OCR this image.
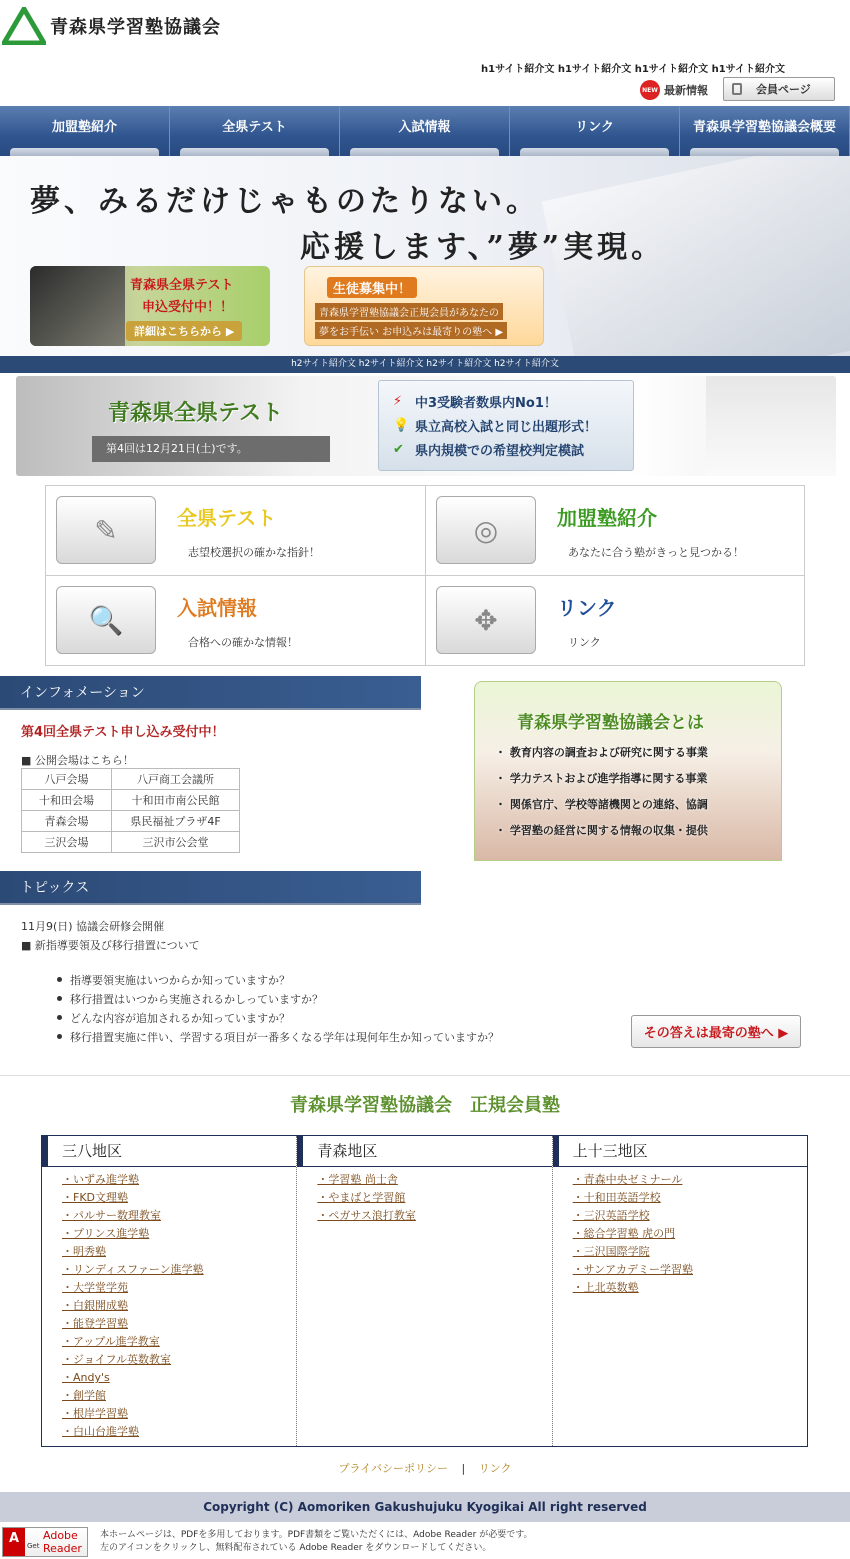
青森県学習塾協議会
h1サイト紹介文 h1サイト紹介文 h1サイト紹介文 h1サイト紹介文
NEW 最新情報	会員ページ
加盟塾紹介	全県テスト	入試情報	リンク	青森県学習塾協議会概要
夢、みるだけじゃものたりない。
応援します、”夢”実現。
青森県全県テスト
申込受付中！！
詳細はこちらから ▶
生徒募集中！
青森県学習塾協議会正規会員があなたの
夢をお手伝い お申込みは最寄りの塾へ ▶
h2サイト紹介文 h2サイト紹介文 h2サイト紹介文 h2サイト紹介文
青森県全県テスト
第4回は12月21日(土)です。
⚡ 中3受験者数県内No1！
💡 県立高校入試と同じ出題形式！
✔ 県内規模での希望校判定模試
✎	全県テスト
志望校選択の確かな指針！
◎	加盟塾紹介
あなたに合う塾がきっと見つかる！
🔍	入試情報
合格への確かな情報！
✥	リンク
リンク
インフォメーション
第4回全県テスト申し込み受付中！
■ 公開会場はこちら！
八戸会場	八戸商工会議所
十和田会場	十和田市南公民館
青森会場	県民福祉プラザ4F
三沢会場	三沢市公会堂
青森県学習塾協議会とは
・ 教育内容の調査および研究に関する事業
・ 学力テストおよび進学指導に関する事業
・ 関係官庁、学校等諸機関との連絡、協調
・ 学習塾の経営に関する情報の収集・提供
トピックス
11月9(日) 協議会研修会開催
■ 新指導要領及び移行措置について
指導要領実施はいつからか知っていますか？
移行措置はいつから実施されるかしっていますか？
どんな内容が追加されるか知っていますか？
移行措置実施に伴い、学習する項目が一番多くなる学年は現何年生か知っていますか？	その答えは最寄の塾へ ▶
青森県学習塾協議会　正規会員塾
三八地区
・いずみ進学塾
・FKD文理塾
・パルサー数理教室
・プリンス進学塾
・明秀塾
・リンディスファーン進学塾
・大学堂学苑
・白銀開成塾
・能登学習塾
・アップル進学教室
・ジョイフル英数教室
・Andy's
・創学館
・根岸学習塾
・白山台進学塾
青森地区
・学習塾 尚士舎
・やまばと学習館
・ペガサス浪打教室
上十三地区
・青森中央ゼミナール
・十和田英語学校
・三沢英語学校
・総合学習塾 虎の門
・三沢国際学院
・サンアカデミー学習塾
・上北英数塾
プライバシーポリシー | リンク
Copyright (C) Aomoriken Gakushujuku Kyogikai All right reserved
A	Get
Adobe Reader
本ホームページは、PDFを多用しております。PDF書類をご覧いただくには、Adobe Reader が必要です。
左のアイコンをクリックし、無料配布されている Adobe Reader をダウンロードしてください。
